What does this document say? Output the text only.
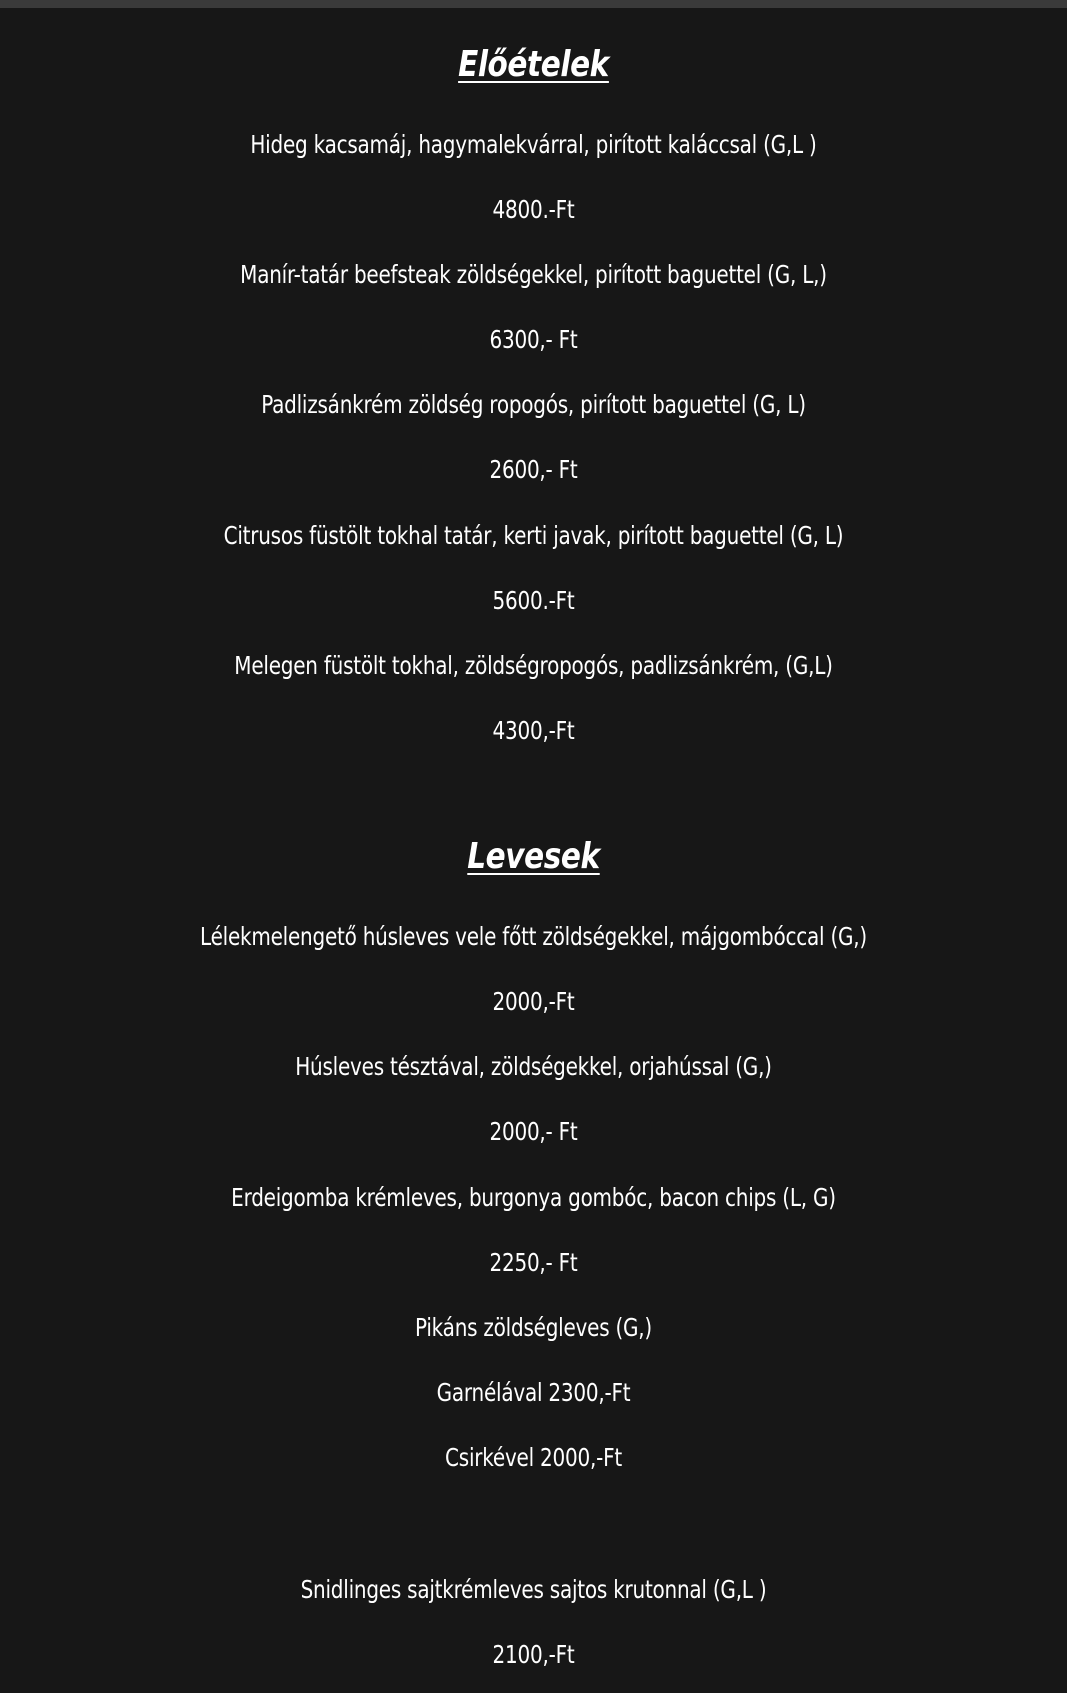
Előételek
Hideg kacsamáj, hagymalekvárral, pirított kaláccsal (G,L )
4800.-Ft
Manír-tatár beefsteak zöldségekkel, pirított baguettel (G, L,)
6300,- Ft
Padlizsánkrém zöldség ropogós, pirított baguettel (G, L)
2600,- Ft
Citrusos füstölt tokhal tatár, kerti javak, pirított baguettel (G, L)
5600.-Ft
Melegen füstölt tokhal, zöldségropogós, padlizsánkrém, (G,L)
4300,-Ft
Levesek
Lélekmelengető húsleves vele főtt zöldségekkel, májgombóccal (G,)
2000,-Ft
Húsleves tésztával, zöldségekkel, orjahússal (G,)
2000,- Ft
Erdeigomba krémleves, burgonya gombóc, bacon chips (L, G)
2250,- Ft
Pikáns zöldségleves (G,)
Garnélával 2300,-Ft
Csirkével 2000,-Ft
Snidlinges sajtkrémleves sajtos krutonnal (G,L )
2100,-Ft
